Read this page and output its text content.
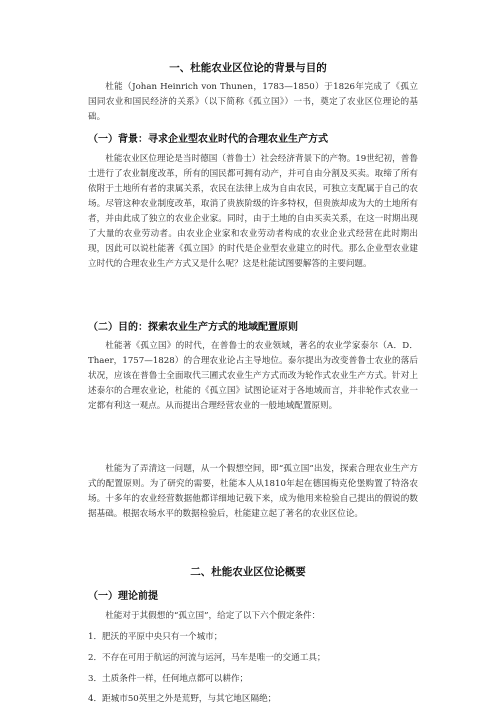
一、杜能农业区位论的背景与目的

杜能（Johan Heinrich von Thunen，1783—1850）于1826年完成了《孤立国同农业和国民经济的关系》（以下简称《孤立国》）一书，奠定了农业区位理论的基础。

（一）背景：寻求企业型农业时代的合理农业生产方式

杜能农业区位理论是当时德国（普鲁士）社会经济背景下的产物。19世纪初，普鲁士进行了农业制度改革，所有的国民都可拥有动产，并可自由分割及买卖。取缔了所有依附于土地所有者的隶属关系，农民在法律上成为自由农民，可独立支配属于自己的农场。尽管这种农业制度改革，取消了贵族阶级的许多特权，但贵族却成为大的土地所有者，并由此成了独立的农业企业家。同时，由于土地的自由买卖关系，在这一时期出现了大量的农业劳动者。由农业企业家和农业劳动者构成的农业企业式经营在此时期出现，因此可以说杜能著《孤立国》的时代是企业型农业建立的时代。那么企业型农业建立时代的合理农业生产方式又是什么呢？这是杜能试图要解答的主要问题。

（二）目的：探索农业生产方式的地域配置原则

杜能著《孤立国》的时代，在普鲁士的农业领域，著名的农业学家泰尔（A．D．Thaer，1757—1828）的合理农业论占主导地位。泰尔提出为改变普鲁士农业的落后状况，应该在普鲁士全面取代三圃式农业生产方式而改为轮作式农业生产方式。针对上述泰尔的合理农业论，杜能的《孤立国》试图论证对于各地域而言，并非轮作式农业一定都有利这一观点。从而提出合理经营农业的一般地域配置原则。

杜能为了弄清这一问题，从一个假想空间，即“孤立国”出发，探索合理农业生产方式的配置原则。为了研究的需要，杜能本人从1810年起在德国梅克伦堡购置了特洛农场。十多年的农业经营数据他都详细地记载下来，成为他用来检验自己提出的假说的数据基础。根据农场水平的数据检验后，杜能建立起了著名的农业区位论。

二、杜能农业区位论概要
（一）理论前提

杜能对于其假想的“孤立国”，给定了以下六个假定条件：

1．肥沃的平原中央只有一个城市；

2．不存在可用于航运的河流与运河，马车是唯一的交通工具；

3．土质条件一样，任何地点都可以耕作；

4．距城市50英里之外是荒野，与其它地区隔绝；
